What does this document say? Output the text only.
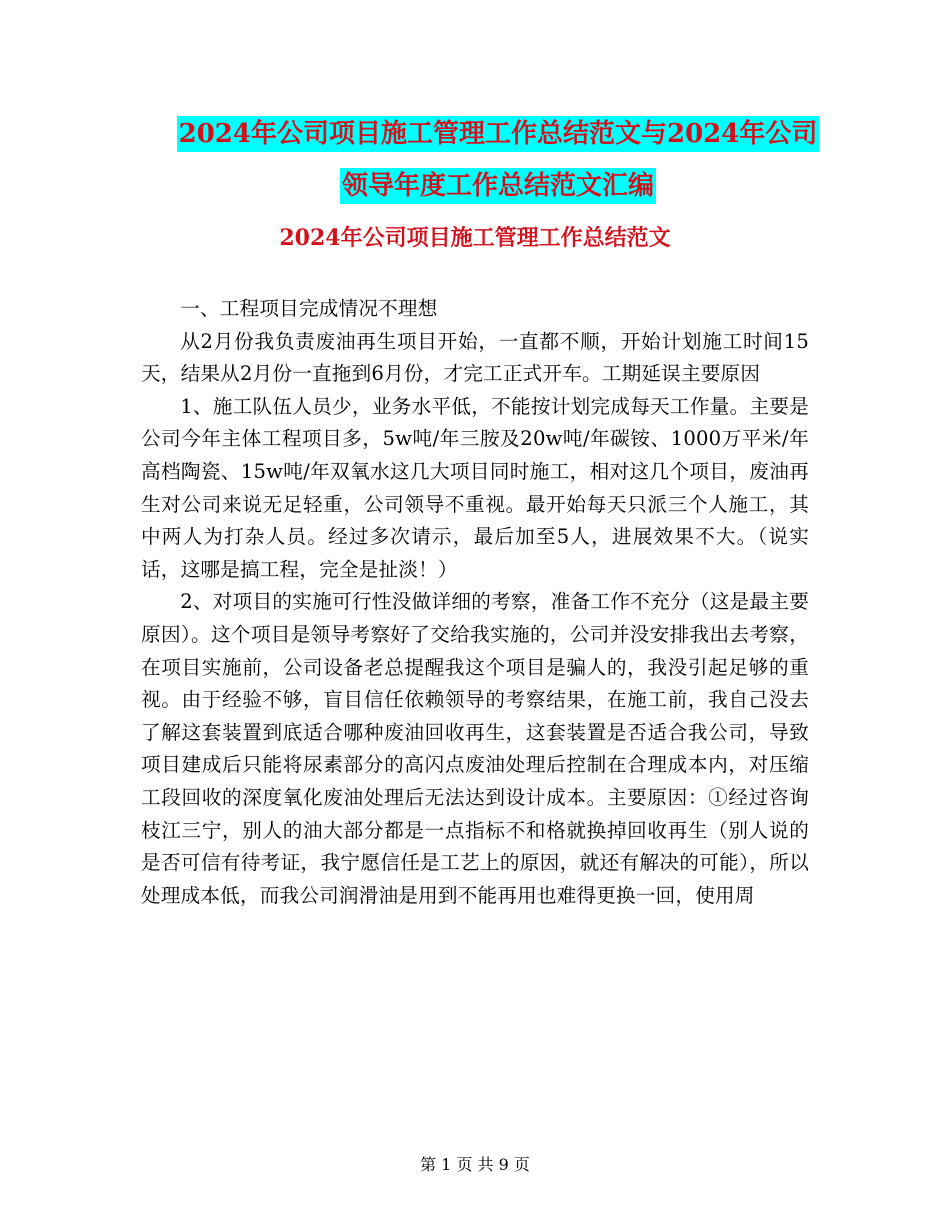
2024年公司项目施工管理工作总结范文与2024年公司
领导年度工作总结范文汇编
2024年公司项目施工管理工作总结范文

一、工程项目完成情况不理想

从2月份我负责废油再生项目开始，一直都不顺，开始计划施工时间15天，结果从2月份一直拖到6月份，才完工正式开车。工期延误主要原因

1、施工队伍人员少，业务水平低，不能按计划完成每天工作量。主要是公司今年主体工程项目多，5w吨/年三胺及20w吨/年碳铵、1000万平米/年高档陶瓷、15w吨/年双氧水这几大项目同时施工，相对这几个项目，废油再生对公司来说无足轻重，公司领导不重视。最开始每天只派三个人施工，其中两人为打杂人员。经过多次请示，最后加至5人，进展效果不大。（说实话，这哪是搞工程，完全是扯淡！）

2、对项目的实施可行性没做详细的考察，准备工作不充分（这是最主要原因）。这个项目是领导考察好了交给我实施的，公司并没安排我出去考察，在项目实施前，公司设备老总提醒我这个项目是骗人的，我没引起足够的重视。由于经验不够，盲目信任依赖领导的考察结果，在施工前，我自己没去了解这套装置到底适合哪种废油回收再生，这套装置是否适合我公司，导致项目建成后只能将尿素部分的高闪点废油处理后控制在合理成本内，对压缩工段回收的深度氧化废油处理后无法达到设计成本。主要原因：①经过咨询枝江三宁，别人的油大部分都是一点指标不和格就换掉回收再生（别人说的是否可信有待考证，我宁愿信任是工艺上的原因，就还有解决的可能），所以处理成本低，而我公司润滑油是用到不能再用也难得更换一回，使用周

第 1 页 共 9 页
